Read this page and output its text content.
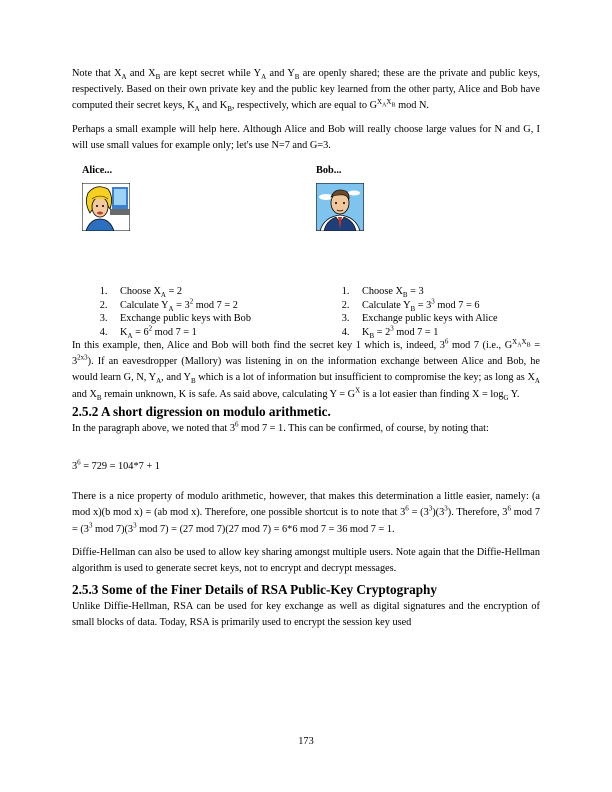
Note that $X_A$ and $X_B$ are kept secret while $Y_A$ and $Y_B$ are openly shared; these are the private and public keys, respectively. Based on their own private key and the public key learned from the other party, Alice and Bob have computed their secret keys, $K_A$ and $K_B$, respectively, which are equal to $G^{X_AX_B}$ mod N.

Perhaps a small example will help here. Although Alice and Bob will really choose large values for N and G, I will use small values for example only; let's use N=7 and G=3.

Alice...
1. Choose $X_A = 2$
2. Calculate $Y_A = 3^2$ mod 7 = 2
3. Exchange public keys with Bob
4. $K_A = 6^2$ mod 7 = 1
Bob...
1. Choose $X_B = 3$
2. Calculate $Y_B = 3^3$ mod 7 = 6
3. Exchange public keys with Alice
4. $K_B = 2^3$ mod 7 = 1

In this example, then, Alice and Bob will both find the secret key 1 which is, indeed, $3^6$ mod 7 (i.e., $G^{X_AX_B} = 3^{2x3}$). If an eavesdropper (Mallory) was listening in on the information exchange between Alice and Bob, he would learn G, N, $Y_A$, and $Y_B$ which is a lot of information but insufficient to compromise the key; as long as $X_A$ and $X_B$ remain unknown, K is safe. As said above, calculating $Y = G^X$ is a lot easier than finding $X = \log_G Y$.

2.5.2 A short digression on modulo arithmetic.

In the paragraph above, we noted that $3^6$ mod 7 = 1. This can be confirmed, of course, by noting that:

$3^6 = 729 = 104*7 + 1$

There is a nice property of modulo arithmetic, however, that makes this determination a little easier, namely: (a mod x)(b mod x) = (ab mod x). Therefore, one possible shortcut is to note that $3^6 = (3^3)(3^3)$. Therefore, $3^6$ mod $7 = (3^3$ mod $7)(3^3$ mod 7) = (27 mod 7)(27 mod 7) = 6*6 mod 7 = 36 mod 7 = 1.

Diffie-Hellman can also be used to allow key sharing amongst multiple users. Note again that the Diffie-Hellman algorithm is used to generate secret keys, not to encrypt and decrypt messages.

2.5.3 Some of the Finer Details of RSA Public-Key Cryptography

Unlike Diffie-Hellman, RSA can be used for key exchange as well as digital signatures and the encryption of small blocks of data. Today, RSA is primarily used to encrypt the session key used

173
